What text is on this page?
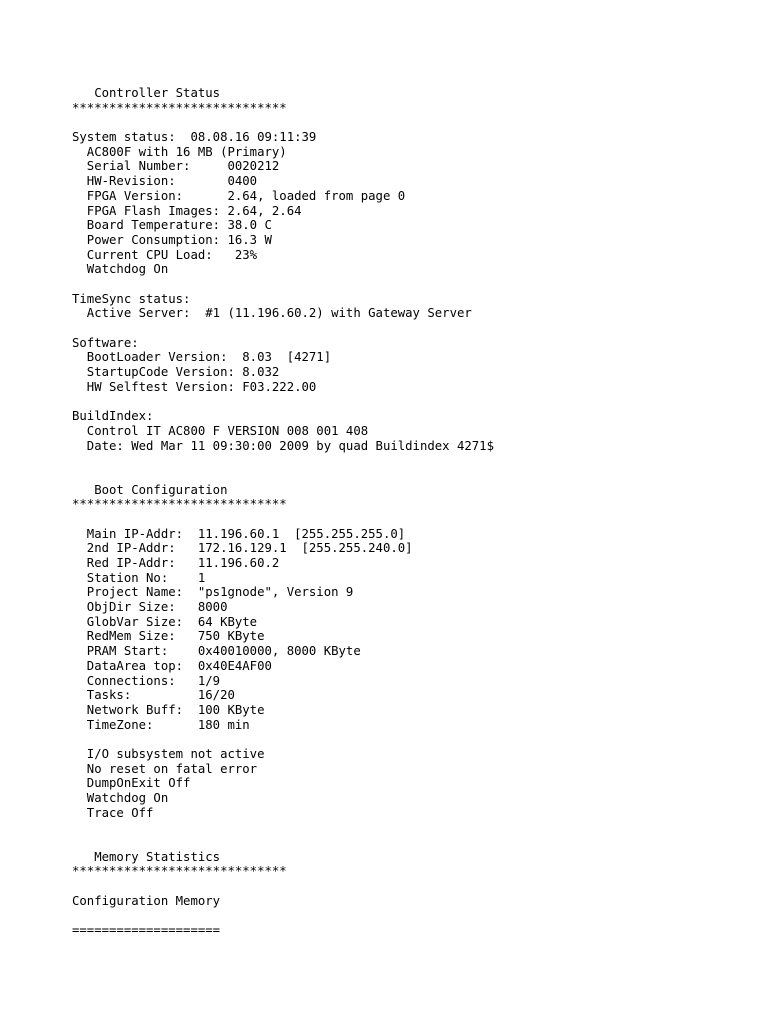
Controller Status
*****************************
System status:  08.08.16 09:11:39
AC800F with 16 MB (Primary)
Serial Number:     0020212
HW-Revision:       0400
FPGA Version:      2.64, loaded from page 0
FPGA Flash Images: 2.64, 2.64
Board Temperature: 38.0 C
Power Consumption: 16.3 W
Current CPU Load:   23%
Watchdog On
TimeSync status:
Active Server:  #1 (11.196.60.2) with Gateway Server
Software:
BootLoader Version:  8.03  [4271]
StartupCode Version: 8.032
HW Selftest Version: F03.222.00
BuildIndex:
Control IT AC800 F VERSION 008 001 408
Date: Wed Mar 11 09:30:00 2009 by quad Buildindex 4271$
Boot Configuration
*****************************
Main IP-Addr:  11.196.60.1  [255.255.255.0]
2nd IP-Addr:   172.16.129.1  [255.255.240.0]
Red IP-Addr:   11.196.60.2
Station No:    1
Project Name:  "ps1gnode", Version 9
ObjDir Size:   8000
GlobVar Size:  64 KByte
RedMem Size:   750 KByte
PRAM Start:    0x40010000, 8000 KByte
DataArea top:  0x40E4AF00
Connections:   1/9
Tasks:         16/20
Network Buff:  100 KByte
TimeZone:      180 min
I/O subsystem not active
No reset on fatal error
DumpOnExit Off
Watchdog On
Trace Off
Memory Statistics
*****************************
Configuration Memory
====================
